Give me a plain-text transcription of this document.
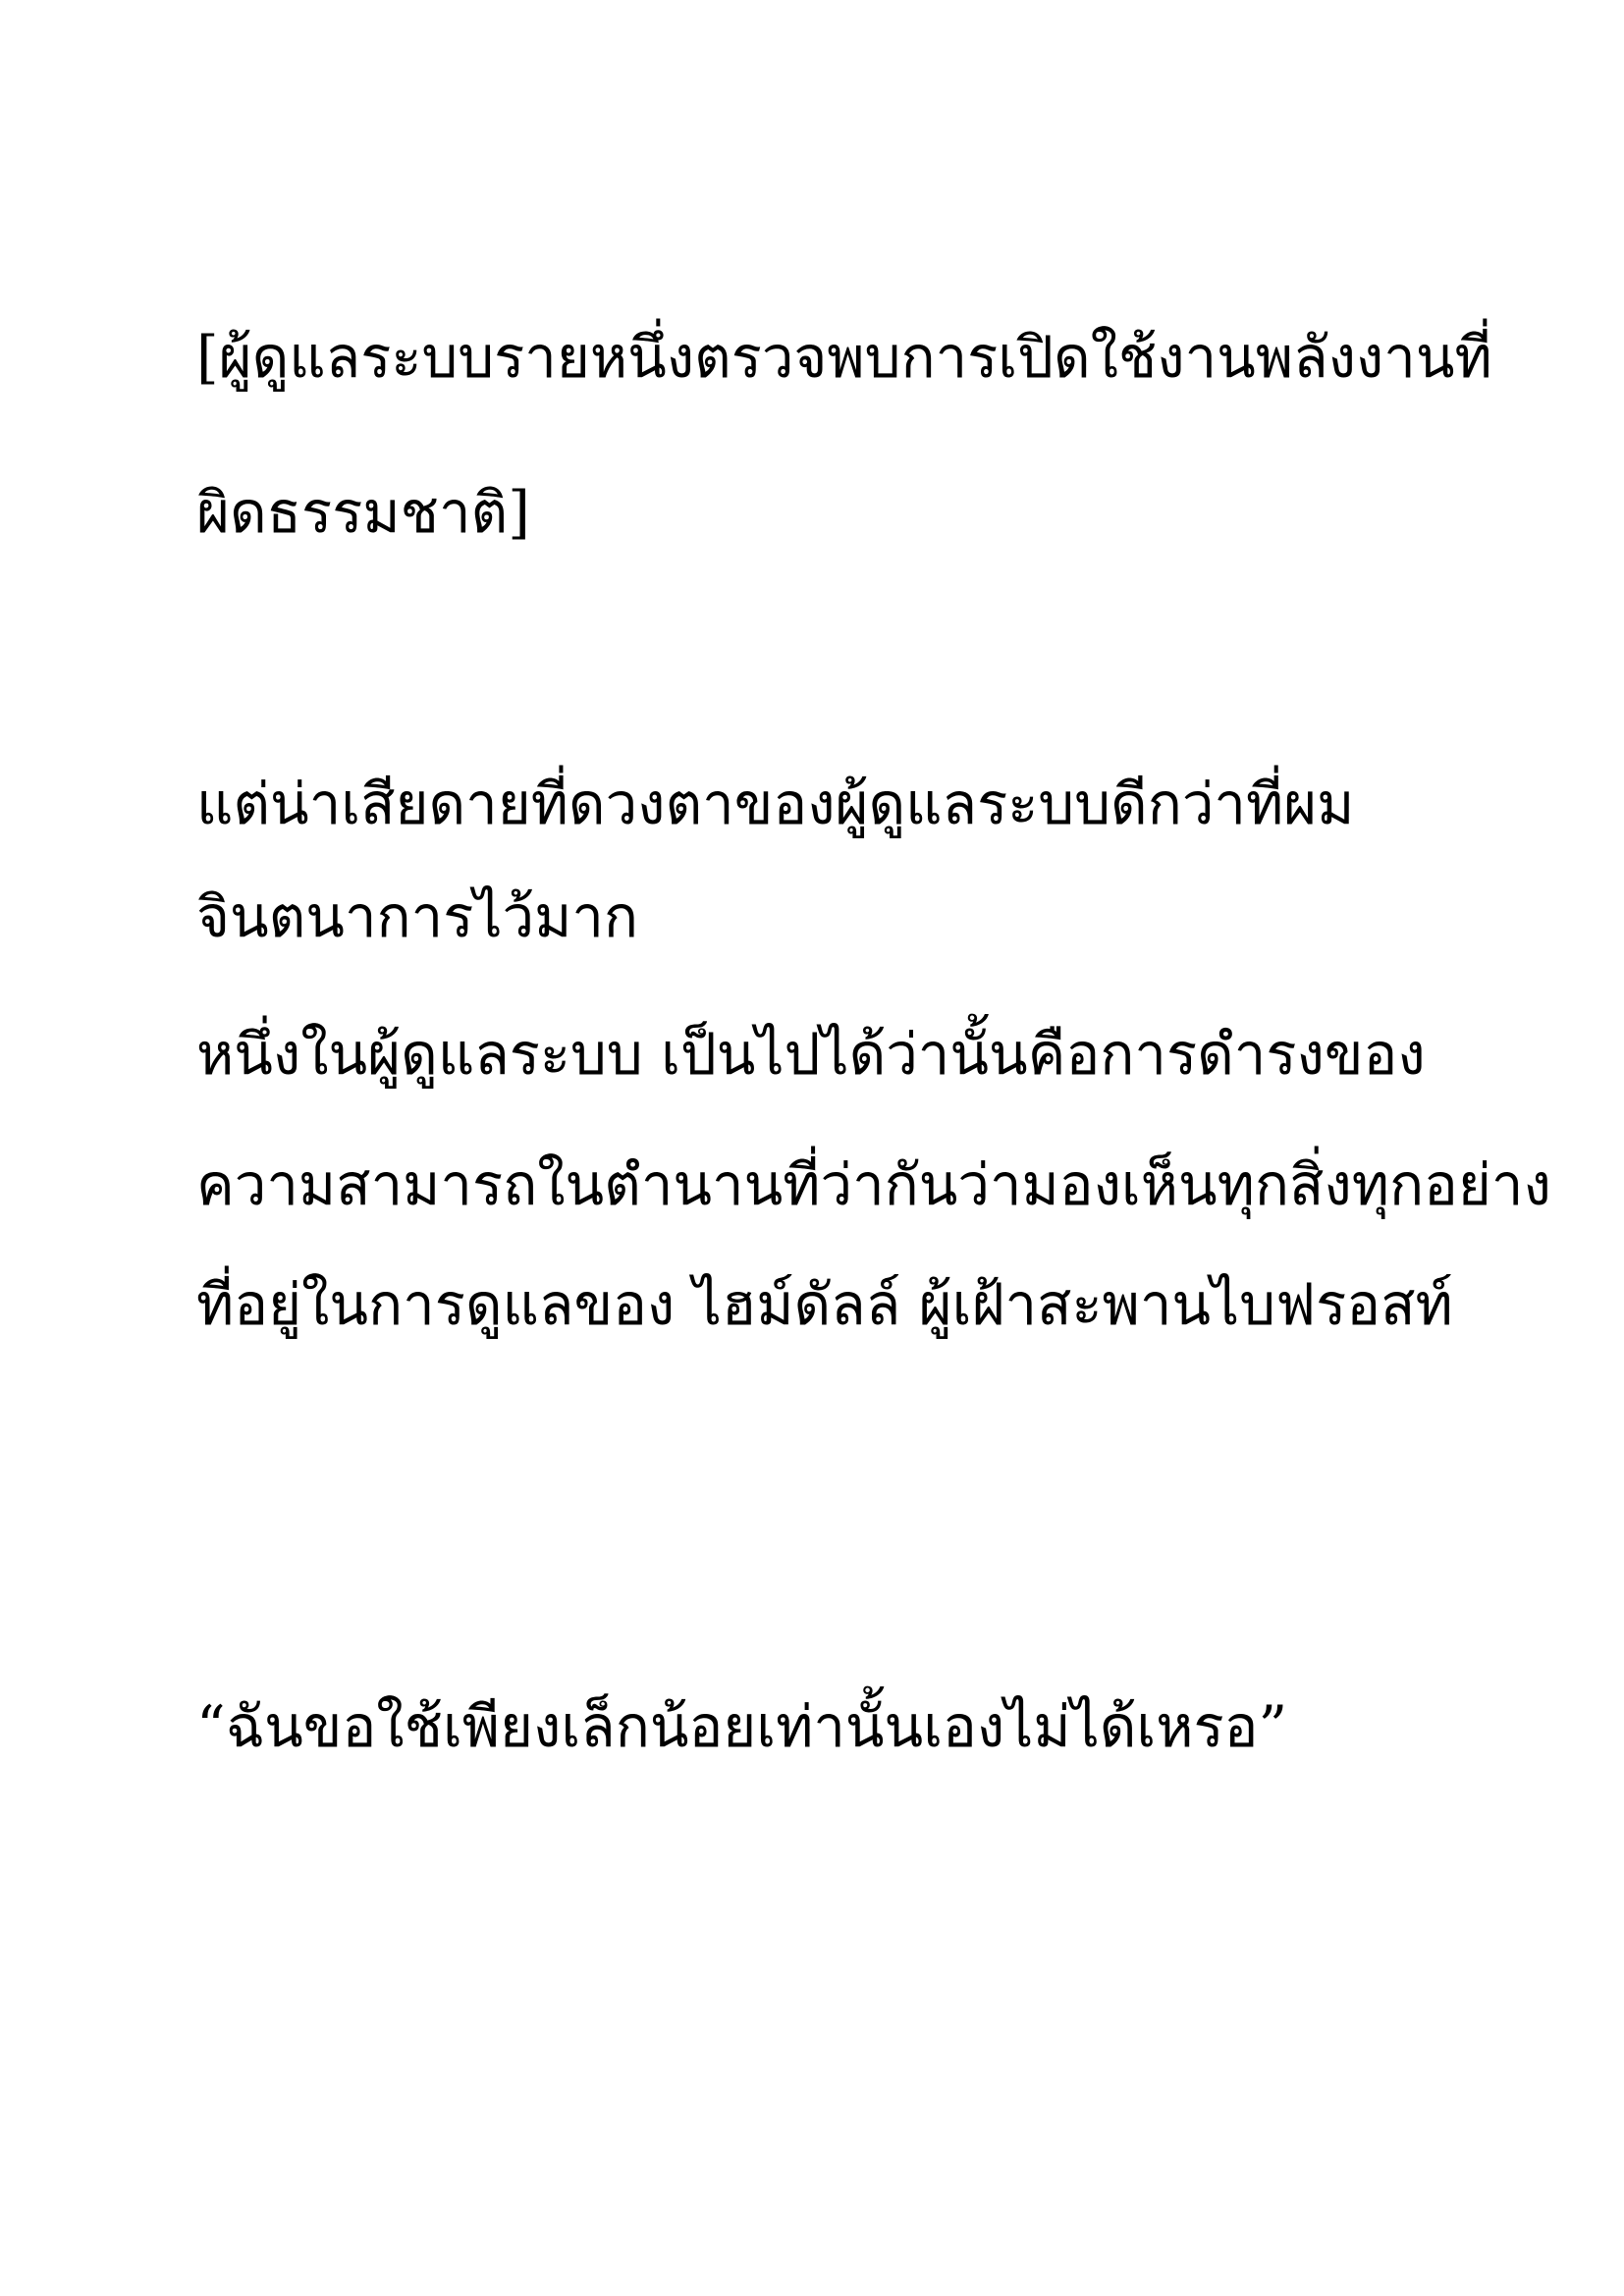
[ผู้ดูแลระบบรายหนึ่งตรวจพบการเปิดใช้งานพลังงานที่

ผิดธรรมชาติ]

แต่น่าเสียดายที่ดวงตาของผู้ดูแลระบบดีกว่าที่ผม

จินตนาการไว้มาก

หนึ่งในผู้ดูแลระบบ เป็นไปได้ว่านั้นคือการดำรงของ

ความสามารถในตำนานที่ว่ากันว่ามองเห็นทุกสิ่งทุกอย่าง

ที่อยู่ในการดูแลของ ไฮม์ดัลล์ ผู้เฝ้าสะพานไบฟรอสท์

“ฉันขอใช้เพียงเล็กน้อยเท่านั้นเองไม่ได้เหรอ”
